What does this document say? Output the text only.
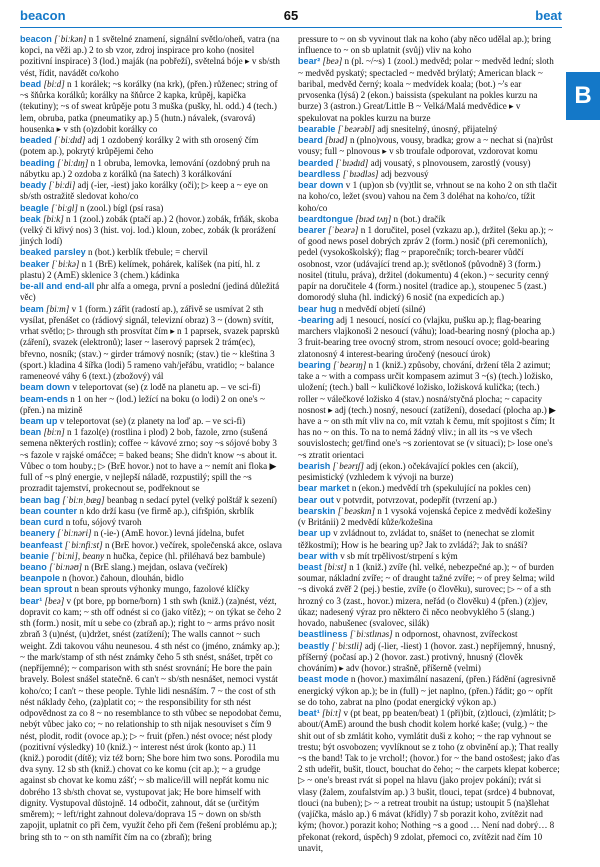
beacon	65	beat
B
beacon [ˈbiːkən] n 1 světelné znamení, signální světlo/oheň, vatra (na kopci, na věži ap.) 2 to sb vzor, zdroj inspirace pro koho (nositel pozitivní inspirace) 3 (lod.) maják (na pobřeží), světelná bóje ▸ v sb/sth vést, řídit, navádět co/koho
bead [biːd] n 1 korálek; ~s korálky (na krk), (přen.) růženec; string of ~s šňůrka korálků; korálky na šňůrce 2 kapka, krůpěj, kapička (tekutiny); ~s of sweat krůpěje potu 3 muška (pušky, hl. odd.) 4 (tech.) lem, obruba, patka (pneumatiky ap.) 5 (hutn.) návalek, (svarová) housenka ▸ v sth (o)zdobit korálky co
beaded [ˈbiːdɪd] adj 1 ozdobený korálky 2 with sth orosený čím (potem ap.), pokrytý krůpějemi čeho
beading [ˈbiːdɪŋ] n 1 obruba, lemovka, lemování (ozdobný pruh na nábytku ap.) 2 ozdoba z korálků (na šatech) 3 korálkování
beady [ˈbiːdi] adj (-ier, -iest) jako korálky (oči); ▷ keep a ~ eye on sb/sth ostražitě sledovat koho/co
beagle [ˈbiːgl] n (zool.) bígl (psí rasa)
beak [biːk] n 1 (zool.) zobák (ptačí ap.) 2 (hovor.) zobák, frňák, skoba (velký či křivý nos) 3 (hist. voj. lod.) kloun, zobec, zobák (k prorážení jiných lodí)
beaked parsley n (bot.) kerblík třebule; = chervil
beaker [ˈbiːkə] n 1 (BrE) kelímek, pohárek, kalíšek (na pití, hl. z plastu) 2 (AmE) sklenice 3 (chem.) kádinka
be-all and end-all phr alfa a omega, první a poslední (jediná důležitá věc)
beam [biːm] v 1 (form.) zářit (radostí ap.), zářivě se usmívat 2 sth vysílat, přenášet co (rádiový signál, televizní obraz) 3 ~ (down) svítit, vrhat světlo; ▷ through sth prosvítat čím ▸ n 1 paprsek, svazek paprsků (záření), svazek (elektronů); laser ~ laserový paprsek 2 trám(ec), břevno, nosník; (stav.) ~ girder trámový nosník; (stav.) tie ~ kleština 3 (sport.) kladina 4 šířka (lodi) 5 rameno vah/jeřábu, vratidlo; ~ balance rameneové váhy 6 (text.) (zbožový) vál
beam down v teleportovat (se) (z lodě na planetu ap. – ve sci-fi)
beam-ends n 1 on her ~ (lod.) ležící na boku (o lodi) 2 on one's ~ (přen.) na mizině
beam up v teleportovat (se) (z planety na loď ap. – ve sci-fi)
bean [biːn] n 1 fazol(e) (rostlina i plod) 2 bob, fazole, zrno (sušená semena některých rostlin); coffee ~ kávové zrno; soy ~s sójové boby 3 ~s fazole v rajské omáčce; = baked beans; She didn't know ~s about it. Vůbec o tom houby.; ▷ (BrE hovor.) not to have a ~ nemít ani floka ▶ full of ~s plný energie, v nejlepší náladě, rozpustilý; spill the ~s prozradit tajemství, prokecnout se, podřeknout se
bean bag [ˈbiːnˌbæg] beanbag n sedací pytel (velký polštář k sezení)
bean counter n kdo drží kasu (ve firmě ap.), cifršpión, skrblík
bean curd n tofu, sójový tvaroh
beanery [ˈbiːnəri] n (-ie-) (AmE hovor.) levná jídelna, bufet
beanfeast [ˈbiːnfiːst] n (BrE hovor.) večírek, společenská akce, oslava
beanie [ˈbiːni], beany n hučka, čepice (hl. přiléhavá bez bambule)
beano [ˈbiːnəʊ] n (BrE slang.) mejdan, oslava (večírek)
beanpole n (hovor.) čahoun, dlouhán, bidlo
bean sprout n bean sprouts výhonky mungo, fazolové klíčky
bear¹ [beə] v (pt bore, pp borne/born) 1 sth swh (kniž.) (za)nést, vézt, dopravit co kam; ~ sth off odnést si co (jako vítěz); ~ on týkat se čeho 2 sth (form.) nosit, mít u sebe co (zbraň ap.); right to ~ arms právo nosit zbraň 3 (u)nést, (u)držet, snést (zatížení); The walls cannot ~ such weight. Zdi takovou váhu neunesou. 4 sth nést co (jméno, známky ap.); ~ the mark/stamp of sth nést známky čeho 5 sth snést, snášet, trpět co (nepříjemné); ~ comparison with sth snést srovnání; He bore the pain bravely. Bolest snášel statečně. 6 can't ~ sb/sth nesnášet, nemoci vystát koho/co; I can't ~ these people. Tyhle lidi nesnáším. 7 ~ the cost of sth nést náklady čeho, (za)platit co; ~ the responsibility for sth nést odpovědnost za co 8 ~ no resemblance to sth vůbec se nepodobat čemu, nebýt vůbec jako co; ~ no relationship to sth nijak nesouviset s čím 9 nést, plodit, rodit (ovoce ap.); ▷ ~ fruit (přen.) nést ovoce; nést plody (pozitivní výsledky) 10 (kniž.) ~ interest nést úrok (konto ap.) 11 (kniž.) porodit (dítě); viz též born; She bore him two sons. Porodila mu dva syny. 12 sb sth (kniž.) chovat co ke komu (cit ap.); ~ a grudge against sb chovat ke komu zášť; ~ sb malice/ill will nepřát komu nic dobrého 13 sb/sth chovat se, vystupovat jak; He bore himself with dignity. Vystupoval důstojně. 14 odbočit, zahnout, dát se (určitým směrem); ~ left/right zahnout doleva/doprava 15 ~ down on sb/sth zapojit, uplatnit co při čem, využít čeho při čem (řešení problému ap.); bring sth to ~ on sth namířit čím na co (zbraň); bring
pressure to ~ on sb vyvinout tlak na koho (aby něco udělal ap.); bring influence to ~ on sb uplatnit (svůj) vliv na koho
bear² [beə] n (pl. ~/~s) 1 (zool.) medvěd; polar ~ medvěd lední; sloth ~ medvěd pyskatý; spectacled ~ medvěd brýlatý; American black ~ baribal, medvěd černý; koala ~ medvídek koala; (bot.) ~'s ear prvosenka (lýsá) 2 (ekon.) baissista (spekulant na pokles kurzu na burze) 3 (astron.) Great/Little B ~ Velká/Malá medvědice ▸ v spekulovat na pokles kurzu na burze
bearable [ˈbeərəbl] adj snesitelný, únosný, přijatelný
beard [bɪəd] n (plno)vous, vousy, bradka; grow a ~ nechat si (na)růst vousy; full ~ plnovous ▸ v sb troufale odporovat, vzdorovat komu
bearded [ˈbɪədɪd] adj vousatý, s plnovousem, zarostlý (vousy)
beardless [ˈbɪədləs] adj bezvousý
bear down v 1 (up)on sb (vy)tlit se, vrhnout se na koho 2 on sth tlačit na koho/co, ležet (svou) vahou na čem 3 doléhat na koho/co, tížit koho/co
beardtongue [bɪəd tʌŋ] n (bot.) dračík
bearer [ˈbeərə] n 1 doručitel, posel (vzkazu ap.), držitel (šeku ap.); ~ of good news posel dobrých zpráv 2 (form.) nosič (při ceremoniích), pedel (vysokoškolský); flag ~ praporečník; torch-bearer vůdčí osobnost, vzor (udávající trend ap.); světlonoš (původně) 3 (form.) nositel (titulu, práva), držitel (dokumentu) 4 (ekon.) ~ security cenný papír na doručitele 4 (form.) nositel (tradice ap.), stoupenec 5 (zast.) domorodý sluha (hl. indický) 6 nosič (na expedicích ap.)
bear hug n medvědí objetí (silné)
-bearing adj 1 nesoucí, nosící co (vlajku, pušku ap.); flag-bearing marchers vlajkonoši 2 nesoucí (váhu); load-bearing nosný (plocha ap.) 3 fruit-bearing tree ovocný strom, strom nesoucí ovoce; gold-bearing zlatonosný 4 interest-bearing úročený (nesoucí úrok)
bearing [ˈbeərɪŋ] n 1 (kniž.) způsoby, chování, držení těla 2 azimut; take a ~ with a compass určit kompasem azimut 3 ~(s) (tech.) ložisko, uložení; (tech.) ball ~ kuličkové ložisko, ložisková kulička; (tech.) roller ~ válečkové ložisko 4 (stav.) nosná/styčná plocha; ~ capacity nosnost ▸ adj (tech.) nosný, nesoucí (zatížení), dosedací (plocha ap.) ▶ have a ~ on sth mít vliv na co, mít vztah k čemu, mít spojitost s čím; It has no ~ on this. To na to nemá žádný vliv.; in all its ~s ve všech souvislostech; get/find one's ~s zorientovat se (v situaci); ▷ lose one's ~s ztratit orientaci
bearish [ˈbeərɪʃ] adj (ekon.) očekávající pokles cen (akcií), pesimistický (vzhledem k vývoji na burze)
bear market n (ekon.) medvědí trh (spekulující na pokles cen)
bear out v potvrdit, potvrzovat, podepřít (tvrzení ap.)
bearskin [ˈbeəskɪn] n 1 vysoká vojenská čepice z medvědí kožešiny (v Británii) 2 medvědí kůže/kožešina
bear up v zvládnout to, zvládat to, snášet to (nenechat se zlomit těžkostmi); How is he bearing up? Jak to zvládá?; Jak to snáší?
bear with v sb mít trpělivost/strpení s kým
beast [biːst] n 1 (kniž.) zvíře (hl. velké, nebezpečné ap.); ~ of burden soumar, nákladní zvíře; ~ of draught tažné zvíře; ~ of prey šelma; wild ~s divoká zvěř 2 (pej.) bestie, zvíře (o člověku), surovec; ▷ ~ of a sth hrozný co 3 (zast., hovor.) mizera, neřád (o člověku) 4 (přen.) (z)jev, úkaz; nadesený výraz pro některo či něco neobvyklého 5 (slang.) hovado, nabušenec (svalovec, silák)
beastliness [ˈbiːstlɪnəs] n odpornost, ohavnost, zvířeckost
beastly [ˈbiːstli] adj (-lier, -liest) 1 (hovor. zast.) nepříjemný, hnusný, příšerný (počasí ap.) 2 (hovor. zast.) protivný, hnusný (člověk chováním) ▸ adv (hovor.) strašně, příšerně (velmi)
beast mode n (hovor.) maximální nasazení, (přen.) řádění (agresivně energický výkon ap.); be in (full) ~ jet naplno, (přen.) řádit; go ~ opřít se do toho, zabrat na plno (podat energický výkon ap.)
beat¹ [biːt] v (pt beat, pp beaten/beat) 1 (při)bít, (z)tlouci, (z)mlátit; ▷ about/(AmE) around the bush chodit kolem horké kaše; (vulg.) ~ the shit out of sb zmlátit koho, vymlátit duši z koho; ~ the rap vyhnout se trestu; být osvobozen; vyvlíknout se z toho (z obvinění ap.); That really ~s the band! Tak to je vrchol!; (hovor.) for ~ the band ostošest; jako ďas 2 sth udeřit, bušit, tlouct, bouchat do čeho; ~ the carpets klepat koberce; ▷ ~ one's breast rvát si popel na hlavu (jako projev pokání); rvát si vlasy (žalem, zoufalstvím ap.) 3 bušit, tlouci, tepat (srdce) 4 bubnovat, tlouci (na buben); ▷ ~ a retreat troubit na ústup; ustoupit 5 (na)šlehat (vajíčka, máslo ap.) 6 mávat (křídly) 7 sb porazit koho, zvítězit nad kým; (hovor.) porazit koho; Nothing ~s a good … Není nad dobrý… 8 překonat (rekord, úspěch) 9 zdolat, přemoci co, zvítězit nad čím 10 unavit,
